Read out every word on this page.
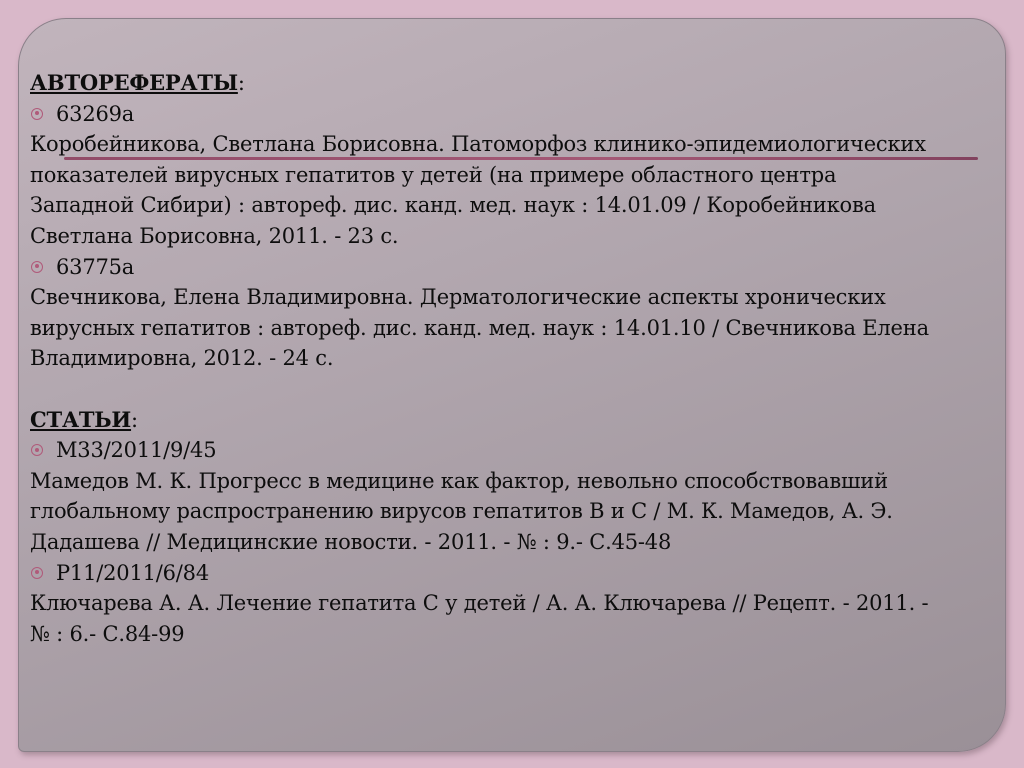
АВТОРЕФЕРАТЫ:

63269а

Коробейникова, Светлана Борисовна. Патоморфоз клинико-эпидемиологических

показателей вирусных гепатитов у детей (на примере областного центра

Западной Сибири) : автореф. дис. канд. мед. наук : 14.01.09 / Коробейникова

Светлана Борисовна, 2011. - 23 с.

63775а

Свечникова, Елена Владимировна. Дерматологические аспекты хронических

вирусных гепатитов : автореф. дис. канд. мед. наук : 14.01.10 / Свечникова Елена

Владимировна, 2012. - 24 с.

СТАТЬИ:

М33/2011/9/45

Мамедов М. К. Прогресс в медицине как фактор, невольно способствовавший

глобальному распространению вирусов гепатитов В и С / М. К. Мамедов, А. Э.

Дадашева // Медицинские новости. - 2011. - № : 9.- С.45-48

Р11/2011/6/84

Ключарева А. А. Лечение гепатита С у детей / А. А. Ключарева // Рецепт. - 2011. -

№ : 6.- С.84-99
